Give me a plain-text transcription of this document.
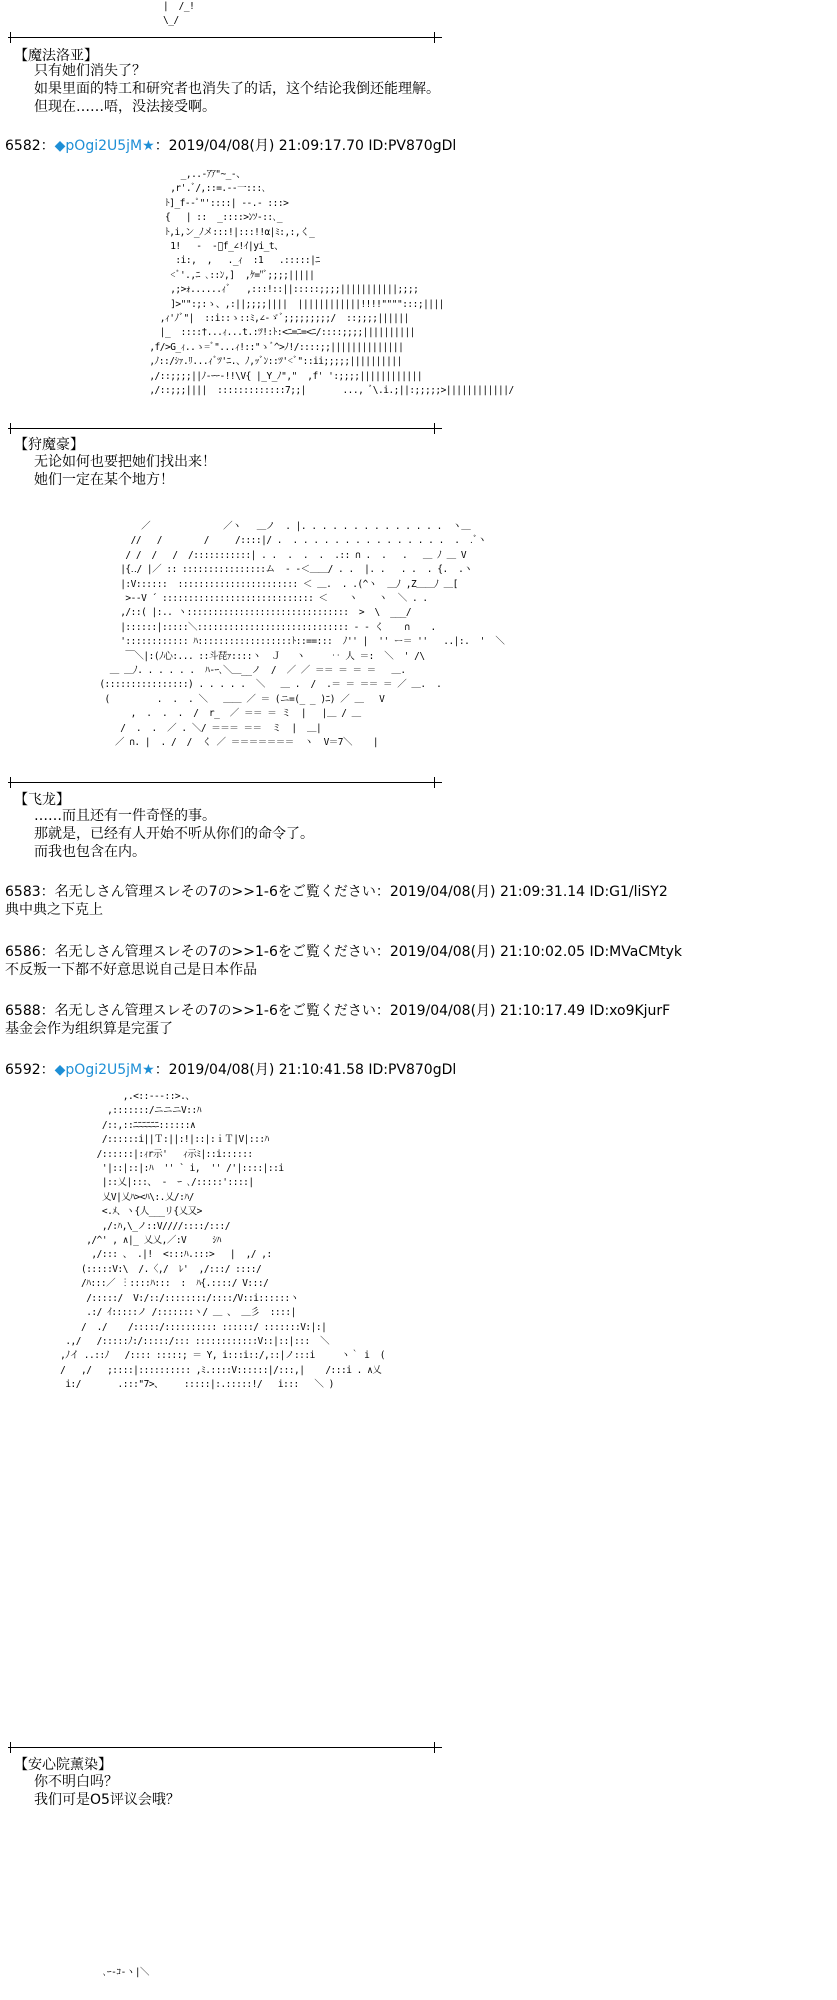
|  /_!
\_/
【魔法洛亚】
只有她们消失了？
如果里面的特工和研究者也消失了的话，这个结论我倒还能理解。
但现在……唔，没法接受啊。
6582：◆pOgi2U5jM★：2019/04/08(月) 21:09:17.70 ID:PV870gDl
_,..-ｱｱ"~_-、
,r'.ﾞ/,::=.-‐一:::､
ﾄ]_f-‐ﾟ"'::::| ‐-.‐ :::>
{   | ::  _::::>ﾝｿ-::､_
ﾄ,i,ン_ﾉメ:::!|:::!!α|ﾐ:,:,く_
1!   ‐  -ﾞf_∠!ｲ|yi_t、
:i:,  ,   ._ｨ  :1   .:::::|ﾆ
<ﾞ'.,ﾆ ､::ﾝ,]  ,ｹ="ﾞ;;;;|||||
,;>ｫ......ｨﾞ   ,:::!::||:::::;;;;|||||||||||;;;;
]>"":;:ゝ、,:||;;;;||||  ||||||||||||!!!!"""":::;||||
,ｨ'ﾉﾞ"|  ::i::ゝ::ﾐ,∠-ゞﾞ;;;;;;;;;/  ::;;;;||||||
|_  ::::†...ｨ...t.:ﾂ!:ﾄ:<ﾆ=ﾆ=<ﾆ/::::;;;;||||||||||
,f/>G_ｨ..ゝ=ﾞ"...ｨ!::"ゝﾞ^>ﾉ!/::::;;||||||||||||||
,ﾉ::/ｼｧ.ﾘ...ｨﾞﾂ'ﾆ.、ﾉ,ｯﾞﾝ::ﾂ'<ﾞ"::ii;;;;;||||||||||
,/::;;;;||ﾉ-ｰｰ-!!\V{ |_Y_ﾉ","  ,f' ':;;;;||||||||||||
,/::;;;||||  :::::::::::::7;;|       ..., ﾞ\.i.;||:;;;;;>||||||||||||/
【狩魔豪】
无论如何也要把她们找出来！
她们一定在某个地方！
／              ／ヽ   ＿ノ  . |. . . . . . . . . . . . . .  ヽ＿
//   /        /     /::::|/ .  . . . . . . . . . . . . . . .  .  .ﾞヽ
/ /  /   /  /:::::::::::| . .  .  .  .  .:: ∩ .  .   .   ＿ ﾉ ＿ V
|{‥/ |／ :: ::::::::::::::::ム  ‐ -＜＿＿/ . .  |. .   . .  . {.  .ヽ
|:V::::::  ::::::::::::::::::::::: ＜ ＿.  . .(^ヽ  ＿ﾉ ,Z＿＿ﾉ ＿[
>‐‐V ´ ::::::::::::::::::::::::::::: ＜    ヽ    ヽ  ＼ . .
,/::( |:.. ヽ:::::::::::::::::::::::::::::::  >  \  ___/
|::::::|:::::＼::::::::::::::::::::::::::::: ‐ ‐ く    ∩    .
':::::::::::: ﾊ::::::::::::::::::ﾄ::==:::  ﾉ'' |  '' ー＝ ''   ..|:.  '  ＼
￣＼|:(ﾉ心:... ::斗琵ｧ::::ヽ  Ｊ   ヽ     ‥ 人 ＝:  ＼  ' /\
＿ ＿ﾉ. . . . . .  ﾊ-ｰ､＼＿__ノ  /  ／ ／ ＝＝ ＝ ＝ ＝   ＿.
(::::::::::::::::) . . . . .  ＼   ＿ .  /  .＝ ＝ ＝＝ ＝ ／ ＿.  .
(         .  .  . ＼   ＿＿ ／ ＝ (ニ=(_ _ )ﾆ) ／ ＿   V
,  .  .  .  /  r_  ／ ＝＝ ＝ ミ  |   |＿ / ＿
/  .  .  ／ . ＼/ ＝＝＝ ＝＝  ミ  |  ＿|
／ ∩. |  . /  /  く ／ ＝＝＝＝＝＝＝  ヽ  V＝7＼    |
【飞龙】
……而且还有一件奇怪的事。
那就是，已经有人开始不听从你们的命令了。
而我也包含在内。
6583：名无しさん管理スレその7の>>1-6をご覧ください：2019/04/08(月) 21:09:31.14 ID:G1/liSY2
典中典之下克上
6586：名无しさん管理スレその7の>>1-6をご覧ください：2019/04/08(月) 21:10:02.05 ID:MVaCMtyk
不反叛一下都不好意思说自己是日本作品
6588：名无しさん管理スレその7の>>1-6をご覧ください：2019/04/08(月) 21:10:17.49 ID:xo9KjurF
基金会作为组织算是完蛋了
6592：◆pOgi2U5jM★：2019/04/08(月) 21:10:41.58 ID:PV870gDl
,.<::‐‐‐::>.、
,:::::::/ニニニV::ﾊ
/::,::ﾆﾆﾆﾆﾆﾆ::::::∧
/::::::i||Ｔ:||:!|::|:ｉＴ|V|:::ﾊ
/::::::|:ｨr示'   ｨ示ﾐ|::i::::::
'|::|::|:ﾊ  '' ` i,  '' /'|::::|::i
|::乂|:::、 ‐  ｰ ､/:::::'::::|
乂V|乂ﾊ><ﾊ\:.乂/:ﾊ/
<.ﾒ、ヽ{人___リ{乂又>
,/:ﾊ,\_ノ::V////::::/:::/
,/^' , ∧|_ 乂乂,／:V     ｼﾊ
,/::: 、 .|!  <:::ﾊ.:::>   |  ,/ ,:
(:::::V:\  /.〈,/  ﾚ'  ,/:::/ ::::/
/ﾊ:::／ ︙::::ﾊ:::  :  ﾊ{.::::/ V:::/
/:::::/  V:/::/::::::::/::::/V::i::::::ヽ
.:/ ｲ:::::ノ /:::::::ヽ/ ＿ 、 ＿彡  ::::|
/  ./    /:::::/:::::::::: ::::::/ :::::::V:|:|
.,/   /:::::ﾉ:/:::::/::: ::::::::::::V::|::|:::  ＼
,ﾉイ ..::ﾉ   /:::: :::::; ＝ Y, i:::i::/,::|ノ:::i     ヽ｀ i  (
/   ,/   ;::::|:::::::::: ,ﾐ.::::V::::::|/:::,|    /:::i . ∧乂
i:/       .:::"7>、    :::::|:.:::::!/   i:::   ＼ )
【安心院薰染】
你不明白吗？
我们可是O5评议会哦？
､ｰ-ｺ-ヽ|＼
